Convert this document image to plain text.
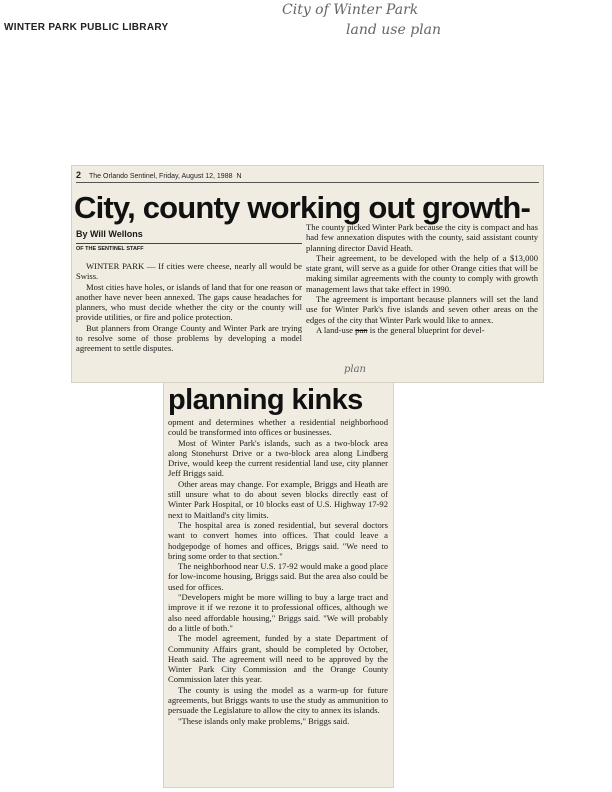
WINTER PARK PUBLIC LIBRARY
City of Winter Park
land use plan
2 The Orlando Sentinel, Friday, August 12, 1988 N
City, county working out growth-
By Will Wellons
OF THE SENTINEL STAFF

WINTER PARK — If cities were cheese, nearly all would be Swiss.

Most cities have holes, or islands of land that for one reason or another have never been annexed. The gaps cause headaches for planners, who must decide whether the city or the county will provide utilities, or fire and police protection.

But planners from Orange County and Winter Park are trying to resolve some of those problems by developing a model agreement to settle disputes.

The county picked Winter Park because the city is compact and has had few annexation disputes with the county, said assistant county planning director David Heath.

Their agreement, to be developed with the help of a $13,000 state grant, will serve as a guide for other Orange cities that will be making similar agreements with the county to comply with growth management laws that take effect in 1990.

The agreement is important because planners will set the land use for Winter Park's five islands and seven other areas on the edges of the city that Winter Park would like to annex.

A land-use pan is the general blueprint for devel-

plan
planning kinks

opment and determines whether a residential neighborhood could be transformed into offices or businesses.

Most of Winter Park's islands, such as a two-block area along Stonehurst Drive or a two-block area along Lindberg Drive, would keep the current residential land use, city planner Jeff Briggs said.

Other areas may change. For example, Briggs and Heath are still unsure what to do about seven blocks directly east of Winter Park Hospital, or 10 blocks east of U.S. Highway 17-92 next to Maitland's city limits.

The hospital area is zoned residential, but several doctors want to convert homes into offices. That could leave a hodgepodge of homes and offices, Briggs said. "We need to bring some order to that section."

The neighborhood near U.S. 17-92 would make a good place for low-income housing, Briggs said. But the area also could be used for offices.

"Developers might be more willing to buy a large tract and improve it if we rezone it to professional offices, although we also need affordable housing," Briggs said. "We will probably do a little of both."

The model agreement, funded by a state Department of Community Affairs grant, should be completed by October, Heath said. The agreement will need to be approved by the Winter Park City Commission and the Orange County Commission later this year.

The county is using the model as a warm-up for future agreements, but Briggs wants to use the study as ammunition to persuade the Legislature to allow the city to annex its islands.

"These islands only make problems," Briggs said.
